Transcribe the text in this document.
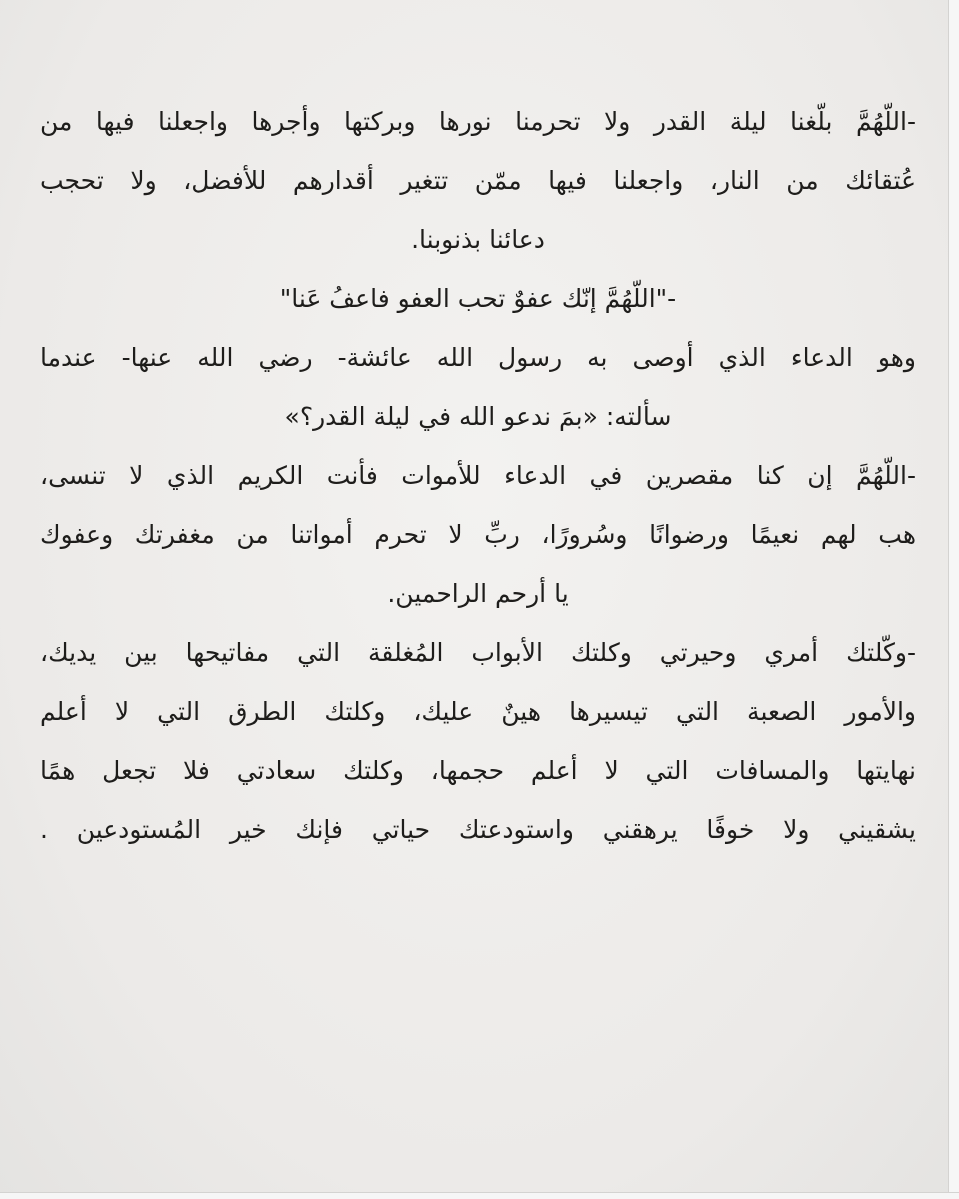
-اللّهُمَّ بلّغنا ليلة القدر ولا تحرمنا نورها وبركتها وأجرها واجعلنا فيها من
عُتقائك من النار، واجعلنا فيها ممّن تتغير أقدارهم للأفضل، ولا تحجب
دعائنا بذنوبنا.
-"اللّهُمَّ إنّك عفوٌ تحب العفو فاعفُ عَنا"
وهو الدعاء الذي أوصى به رسول الله عائشة- رضي الله عنها- عندما
سألته: «بمَ ندعو الله في ليلة القدر؟»
-اللّهُمَّ إن كنا مقصرين في الدعاء للأموات فأنت الكريم الذي لا تنسى،
هب لهم نعيمًا ورضوانًا وسُرورًا، ربِّ لا تحرم أمواتنا من مغفرتك وعفوك
يا أرحم الراحمين.
-وكّلتك أمري وحيرتي وكلتك الأبواب المُغلقة التي مفاتيحها بين يديك،
والأمور الصعبة التي تيسيرها هينٌ عليك، وكلتك الطرق التي لا أعلم
نهايتها والمسافات التي لا أعلم حجمها، وكلتك سعادتي فلا تجعل همًا
يشقيني ولا خوفًا يرهقني واستودعتك حياتي فإنك خير المُستودعين .
